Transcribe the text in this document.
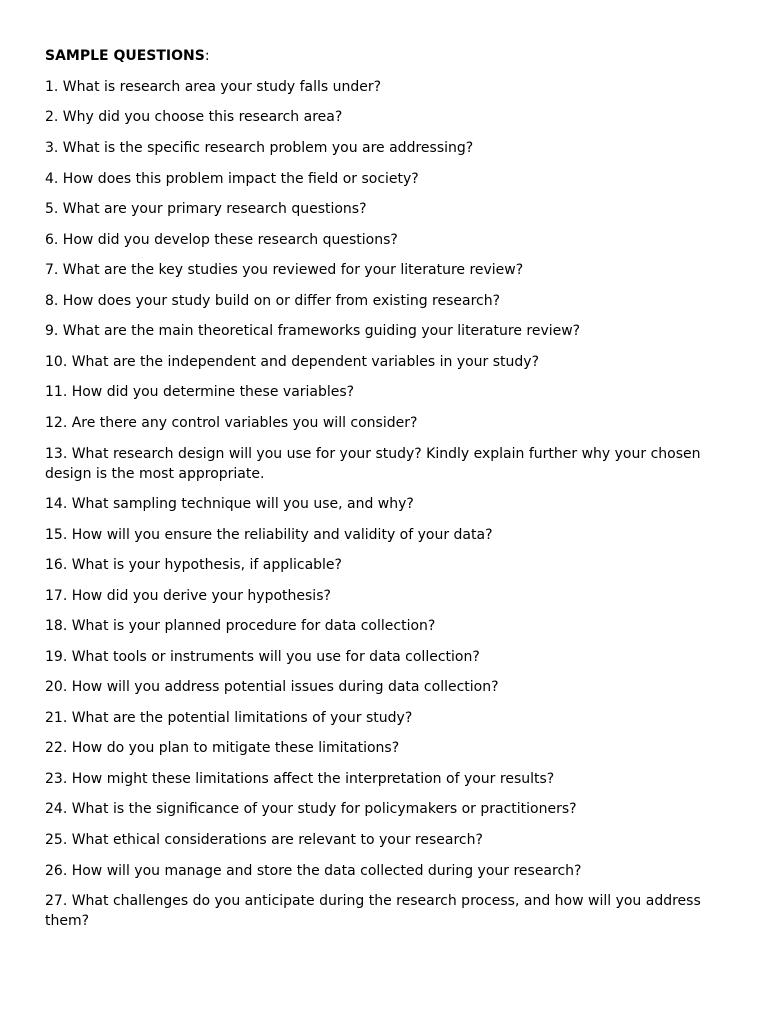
SAMPLE QUESTIONS:
1. What is research area your study falls under?
2. Why did you choose this research area?
3. What is the specific research problem you are addressing?
4. How does this problem impact the field or society?
5. What are your primary research questions?
6. How did you develop these research questions?
7. What are the key studies you reviewed for your literature review?
8. How does your study build on or differ from existing research?
9. What are the main theoretical frameworks guiding your literature review?
10. What are the independent and dependent variables in your study?
11. How did you determine these variables?
12. Are there any control variables you will consider?
13. What research design will you use for your study? Kindly explain further why your chosen design is the most appropriate.
14. What sampling technique will you use, and why?
15. How will you ensure the reliability and validity of your data?
16. What is your hypothesis, if applicable?
17. How did you derive your hypothesis?
18. What is your planned procedure for data collection?
19. What tools or instruments will you use for data collection?
20. How will you address potential issues during data collection?
21. What are the potential limitations of your study?
22. How do you plan to mitigate these limitations?
23. How might these limitations affect the interpretation of your results?
24. What is the significance of your study for policymakers or practitioners?
25. What ethical considerations are relevant to your research?
26. How will you manage and store the data collected during your research?
27. What challenges do you anticipate during the research process, and how will you address them?
